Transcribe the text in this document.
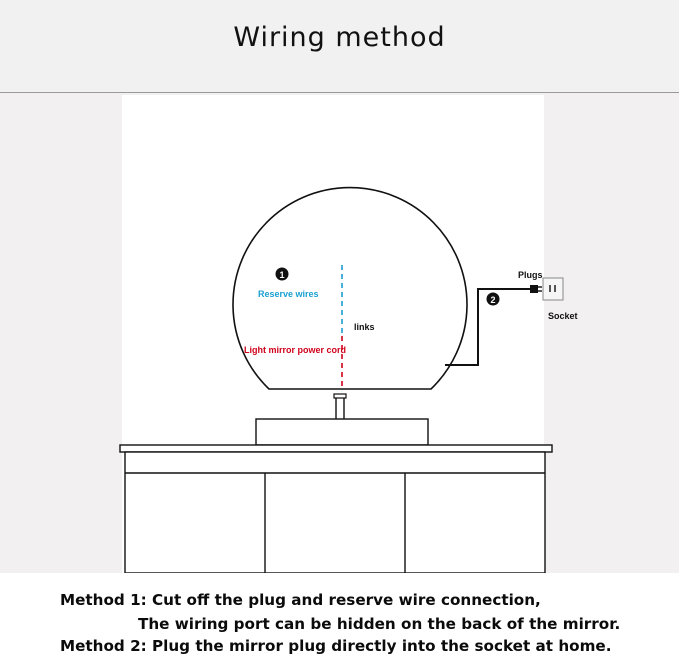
Wiring method
1
Reserve wires
links
Light mirror power cord
Plugs
Socket
2
Method 1: Cut off the plug and reserve wire connection,
The wiring port can be hidden on the back of the mirror.
Method 2: Plug the mirror plug directly into the socket at home.
